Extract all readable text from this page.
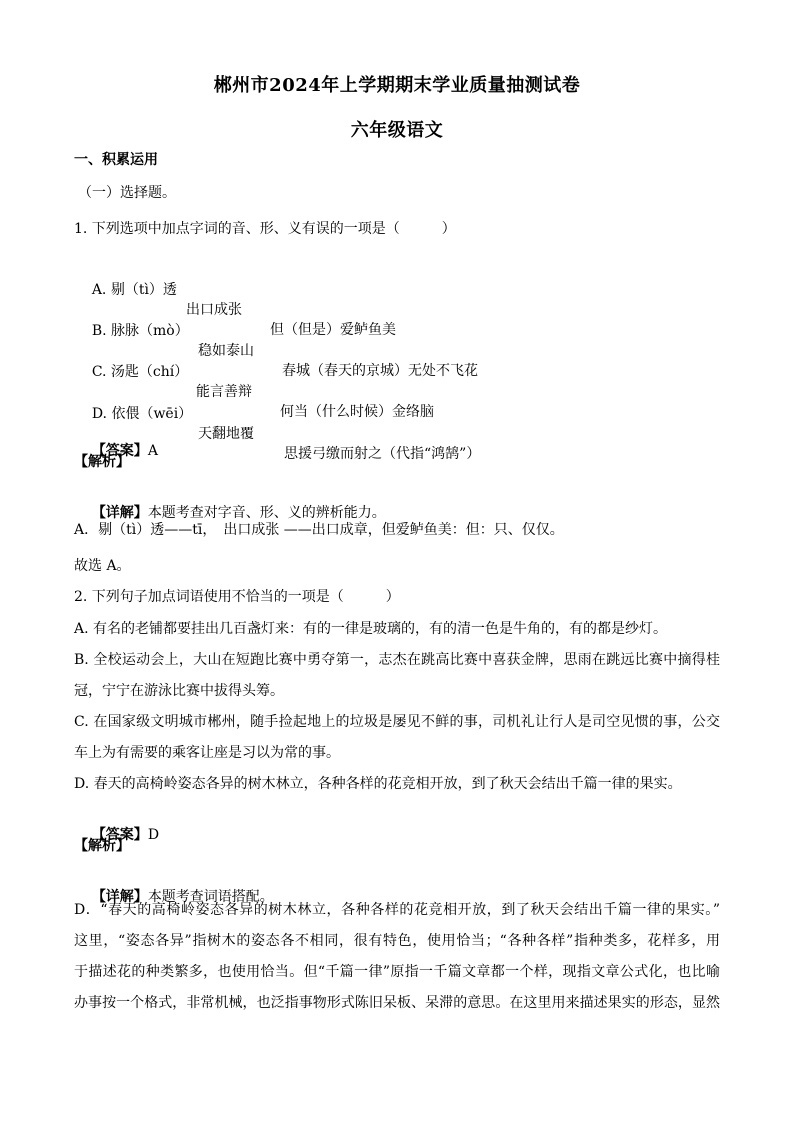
郴州市2024年上学期期末学业质量抽测试卷
六年级语文
一、积累运用
（一）选择题。
1. 下列选项中加点字词的音、形、义有误的一项是（　　　）

A. 剔（tì）透

出口成张

但（但是）爱鲈鱼美

B. 脉脉（mò）

稳如泰山

春城（春天的京城）无处不飞花

C. 汤匙（chí）

能言善辩

何当（什么时候）金络脑

D. 依偎（wēi）

天翻地覆

思援弓缴而射之（代指“鸿鹄”）

【答案】A

【解析】

【详解】本题考查对字音、形、义的辨析能力。

A．剔（tì）透——tī，　出口成张 ——出口成章，但爱鲈鱼美：但：只、仅仅。
故选 A。
2. 下列句子加点词语使用不恰当的一项是（　　　）
A. 有名的老铺都要挂出几百盏灯来：有的一律是玻璃的，有的清一色是牛角的，有的都是纱灯。
B. 全校运动会上，大山在短跑比赛中勇夺第一，志杰在跳高比赛中喜获金牌，思雨在跳远比赛中摘得桂
冠，宁宁在游泳比赛中拔得头筹。
C. 在国家级文明城市郴州，随手捡起地上的垃圾是屡见不鲜的事，司机礼让行人是司空见惯的事，公交
车上为有需要的乘客让座是习以为常的事。
D. 春天的高椅岭姿态各异的树木林立，各种各样的花竞相开放，到了秋天会结出千篇一律的果实。

【答案】D

【解析】

【详解】本题考查词语搭配。

D．“春天的高椅岭姿态各异的树木林立，各种各样的花竞相开放，到了秋天会结出千篇一律的果实。”
这里，“姿态各异”指树木的姿态各不相同，很有特色，使用恰当；“各种各样”指种类多，花样多，用
于描述花的种类繁多，也使用恰当。但“千篇一律”原指一千篇文章都一个样，现指文章公式化，也比喻
办事按一个格式，非常机械，也泛指事物形式陈旧呆板、呆滞的意思。在这里用来描述果实的形态，显然
